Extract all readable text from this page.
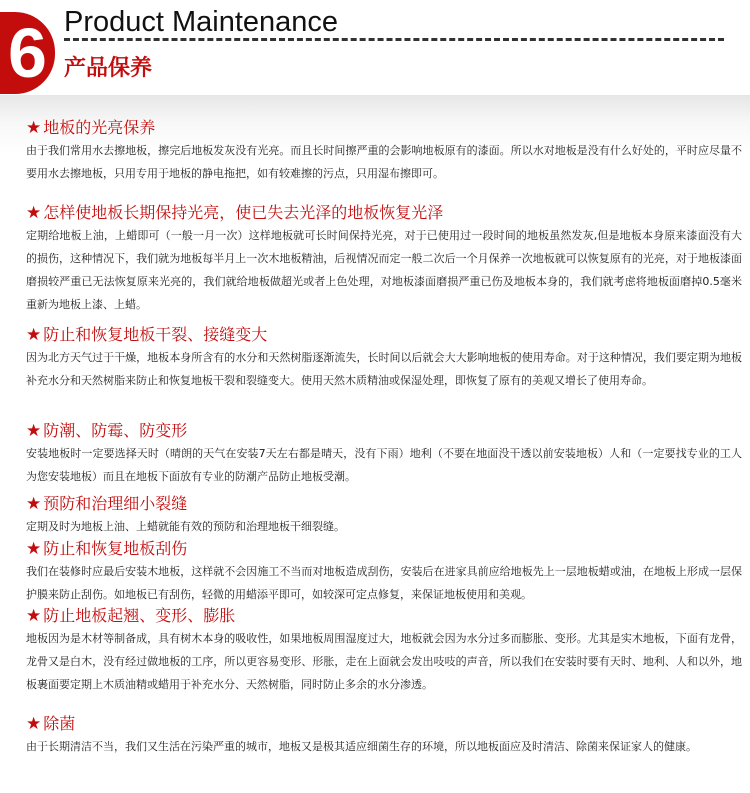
6 Product Maintenance
产品保养
★ 地板的光亮保养

由于我们常用水去擦地板，擦完后地板发灰没有光亮。而且长时间擦严重的会影响地板原有的漆面。所以水对地板是没有什么好处的，平时应尽量不要用水去擦地板，只用专用于地板的静电拖把，如有较难擦的污点，只用湿布擦即可。

★ 怎样使地板长期保持光亮，使已失去光泽的地板恢复光泽

定期给地板上油，上蜡即可（一般一月一次）这样地板就可长时间保持光亮，对于已使用过一段时间的地板虽然发灰,但是地板本身原来漆面没有大的损伤，这种情况下，我们就为地板每半月上一次木地板精油，后视情况而定一般二次后一个月保养一次地板就可以恢复原有的光亮，对于地板漆面磨损较严重已无法恢复原来光亮的，我们就给地板做超光或者上色处理，对地板漆面磨损严重已伤及地板本身的，我们就考虑将地板面磨掉0.5毫米重新为地板上漆、上蜡。

★ 防止和恢复地板干裂、接缝变大

因为北方天气过于干燥，地板本身所含有的水分和天然树脂逐渐流失，长时间以后就会大大影响地板的使用寿命。对于这种情况，我们要定期为地板补充水分和天然树脂来防止和恢复地板干裂和裂缝变大。使用天然木质精油或保湿处理，即恢复了原有的美观又增长了使用寿命。

★ 防潮、防霉、防变形

安装地板时一定要选择天时（晴朗的天气在安装7天左右都是晴天，没有下雨）地利（不要在地面没干透以前安装地板）人和（一定要找专业的工人为您安装地板）而且在地板下面放有专业的防潮产品防止地板受潮。

★ 预防和治理细小裂缝

定期及时为地板上油、上蜡就能有效的预防和治理地板干细裂缝。

★ 防止和恢复地板刮伤

我们在装修时应最后安装木地板，这样就不会因施工不当而对地板造成刮伤，安装后在进家具前应给地板先上一层地板蜡或油，在地板上形成一层保护膜来防止刮伤。如地板已有刮伤，轻微的用蜡添平即可，如较深可定点修复，来保证地板使用和美观。

★ 防止地板起翘、变形、膨胀

地板因为是木材等制备成，具有树木本身的吸收性，如果地板周围湿度过大，地板就会因为水分过多而膨胀、变形。尤其是实木地板，下面有龙骨，龙骨又是白木，没有经过做地板的工序，所以更容易变形、形胀，走在上面就会发出吱吱的声音，所以我们在安装时要有天时、地利、人和以外，地板裹面要定期上木质油精或蜡用于补充水分、天然树脂，同时防止多余的水分渗透。

★ 除菌

由于长期清洁不当，我们又生活在污染严重的城市，地板又是极其适应细菌生存的环境，所以地板面应及时清洁、除菌来保证家人的健康。
